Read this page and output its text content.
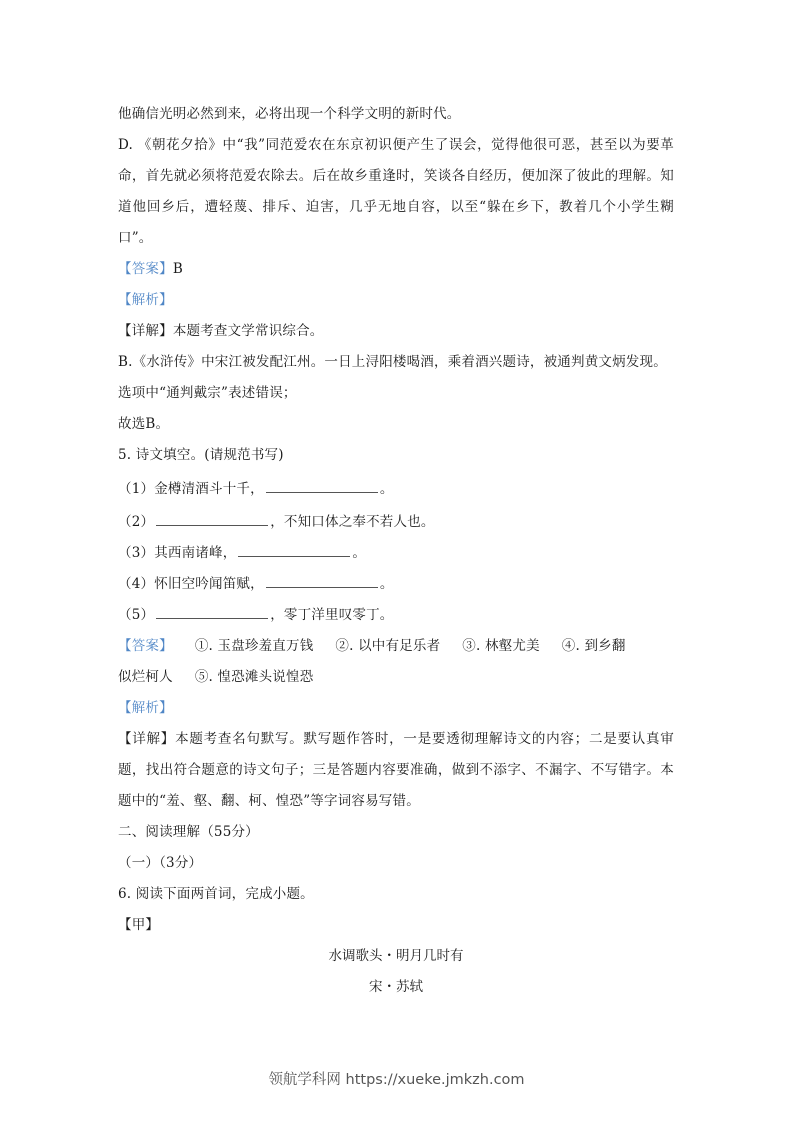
他确信光明必然到来，必将出现一个科学文明的新时代。
D. 《朝花夕拾》中“我”同范爱农在东京初识便产生了误会，觉得他很可恶，甚至以为要革命，首先就必须将范爱农除去。后在故乡重逢时，笑谈各自经历，便加深了彼此的理解。知道他回乡后，遭轻蔑、排斥、迫害，几乎无地自容，以至“躲在乡下，教着几个小学生糊口”。
【答案】B
【解析】
【详解】本题考查文学常识综合。
B.《水浒传》中宋江被发配江州。一日上浔阳楼喝酒，乘着酒兴题诗，被通判黄文炳发现。
选项中“通判戴宗”表述错误；
故选B。
5. 诗文填空。(请规范书写)
（1）金樽清酒斗十千，	。
（2）	，不知口体之奉不若人也。
（3）其西南诸峰，	。
（4）怀旧空吟闻笛赋，	。
（5）	，零丁洋里叹零丁。
【答案】 ①. 玉盘珍羞直万钱 ②. 以中有足乐者 ③. 林壑尤美 ④. 到乡翻
似烂柯人 ⑤. 惶恐滩头说惶恐
【解析】
【详解】本题考查名句默写。默写题作答时，一是要透彻理解诗文的内容；二是要认真审题，找出符合题意的诗文句子；三是答题内容要准确，做到不添字、不漏字、不写错字。本题中的“羞、壑、翻、柯、惶恐”等字词容易写错。
二、阅读理解（55分）
（一）（3分）
6. 阅读下面两首词，完成小题。
【甲】
水调歌头・明月几时有
宋・苏轼
领航学科网 https://xueke.jmkzh.com
